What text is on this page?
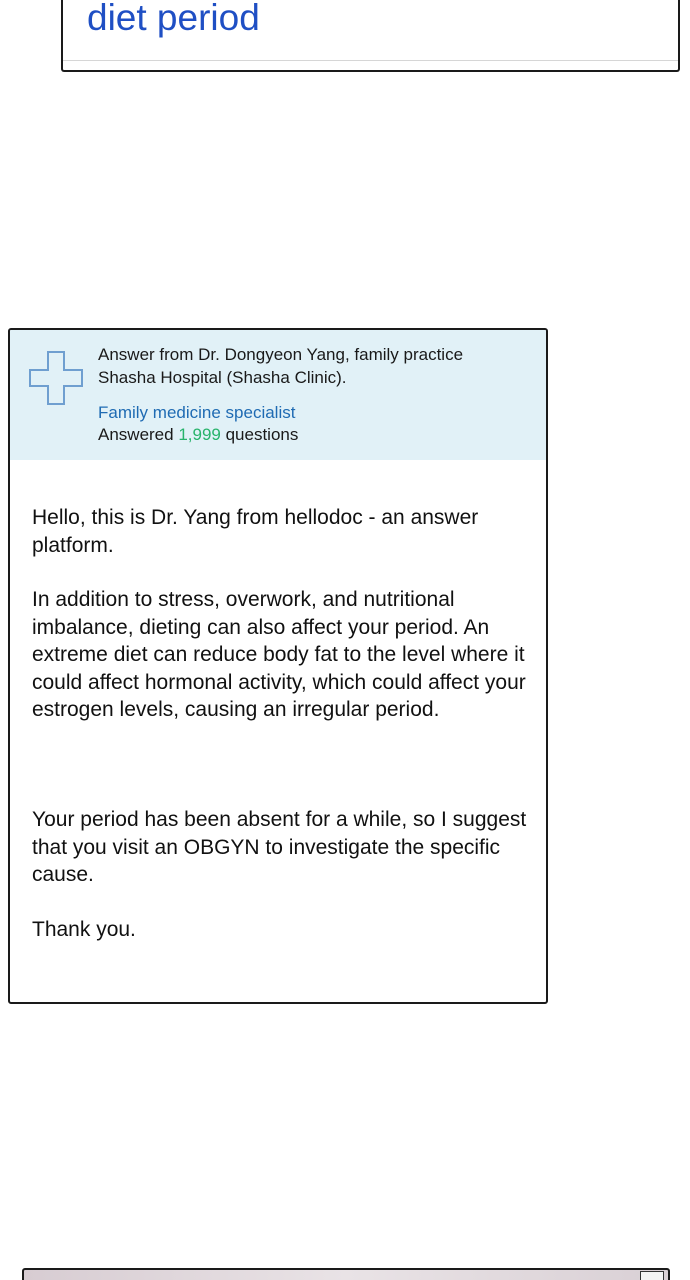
diet period
Answer from Dr. Dongyeon Yang, family practice
Shasha Hospital (Shasha Clinic).
Family medicine specialist
Answered 1,999 questions

Hello, this is Dr. Yang from hellodoc - an answer platform.

In addition to stress, overwork, and nutritional imbalance, dieting can also affect your period. An extreme diet can reduce body fat to the level where it could affect hormonal activity, which could affect your estrogen levels, causing an irregular period.

Your period has been absent for a while, so I suggest that you visit an OBGYN to investigate the specific cause.

Thank you.
